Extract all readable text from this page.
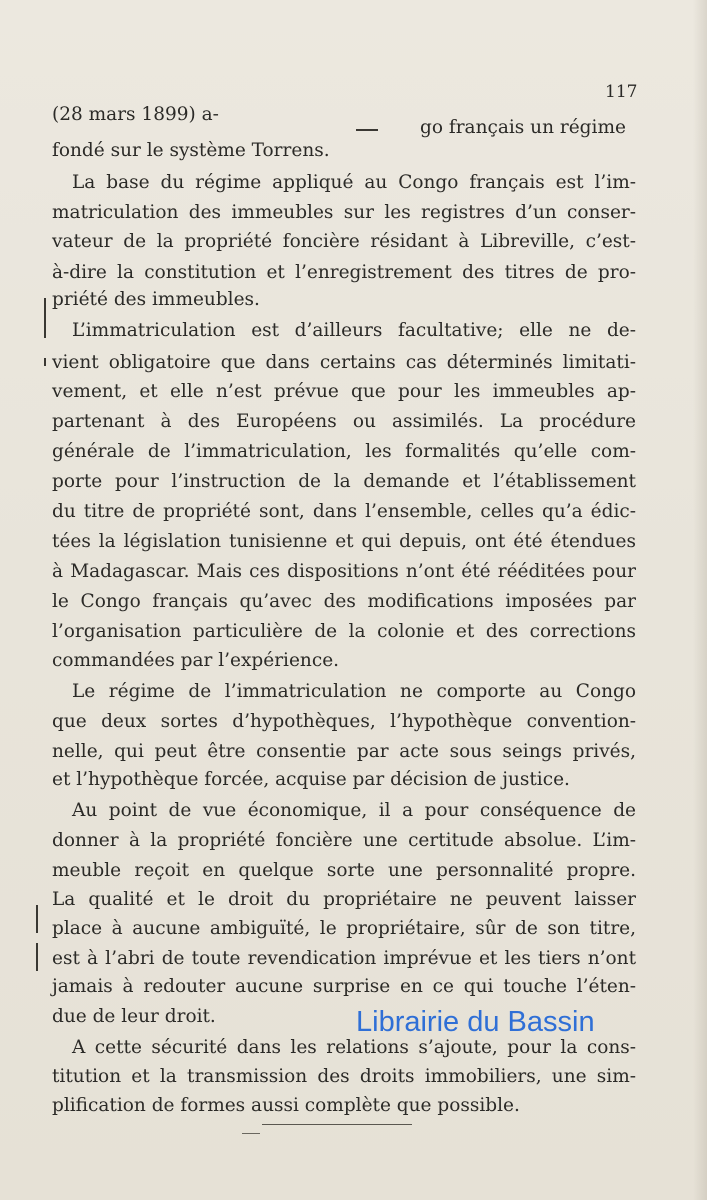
117
(28 mars 1899) a-
go français un régime
fondé sur le système Torrens.
La base du régime appliqué au Congo français est l’im-
matriculation des immeubles sur les registres d’un conser-
vateur de la propriété foncière résidant à Libreville, c’est-
à-dire la constitution et l’enregistrement des titres de pro-
priété des immeubles.
L’immatriculation est d’ailleurs facultative; elle ne de-
vient obligatoire que dans certains cas déterminés limitati-
vement, et elle n’est prévue que pour les immeubles ap-
partenant à des Européens ou assimilés. La procédure
générale de l’immatriculation, les formalités qu’elle com-
porte pour l’instruction de la demande et l’établissement
du titre de propriété sont, dans l’ensemble, celles qu’a édic-
tées la législation tunisienne et qui depuis, ont été étendues
à Madagascar. Mais ces dispositions n’ont été rééditées pour
le Congo français qu’avec des modifications imposées par
l’organisation particulière de la colonie et des corrections
commandées par l’expérience.
Le régime de l’immatriculation ne comporte au Congo
que deux sortes d’hypothèques, l’hypothèque convention-
nelle, qui peut être consentie par acte sous seings privés,
et l’hypothèque forcée, acquise par décision de justice.
Au point de vue économique, il a pour conséquence de
donner à la propriété foncière une certitude absolue. L’im-
meuble reçoit en quelque sorte une personnalité propre.
La qualité et le droit du propriétaire ne peuvent laisser
place à aucune ambiguïté, le propriétaire, sûr de son titre,
est à l’abri de toute revendication imprévue et les tiers n’ont
jamais à redouter aucune surprise en ce qui touche l’éten-
due de leur droit.
A cette sécurité dans les relations s’ajoute, pour la cons-
titution et la transmission des droits immobiliers, une sim-
plification de formes aussi complète que possible.
Librairie du Bassin
